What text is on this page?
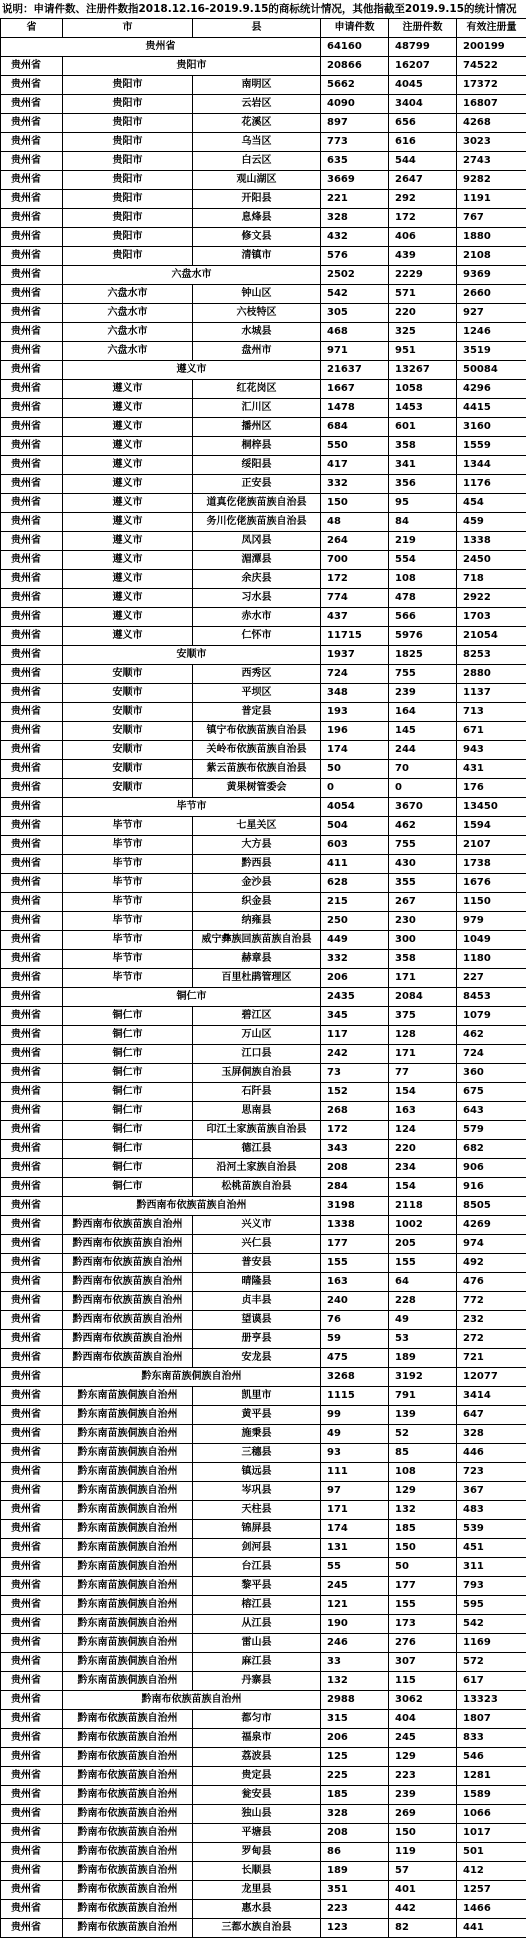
说明：申请件数、注册件数指2018.12.16-2019.9.15的商标统计情况，其他指截至2019.9.15的统计情况
省	市	县	申请件数	注册件数	有效注册量
贵州省			64160	48799	200199
贵州省	贵阳市		20866	16207	74522
贵州省	贵阳市	南明区	5662	4045	17372
贵州省	贵阳市	云岩区	4090	3404	16807
贵州省	贵阳市	花溪区	897	656	4268
贵州省	贵阳市	乌当区	773	616	3023
贵州省	贵阳市	白云区	635	544	2743
贵州省	贵阳市	观山湖区	3669	2647	9282
贵州省	贵阳市	开阳县	221	292	1191
贵州省	贵阳市	息烽县	328	172	767
贵州省	贵阳市	修文县	432	406	1880
贵州省	贵阳市	清镇市	576	439	2108
贵州省	六盘水市		2502	2229	9369
贵州省	六盘水市	钟山区	542	571	2660
贵州省	六盘水市	六枝特区	305	220	927
贵州省	六盘水市	水城县	468	325	1246
贵州省	六盘水市	盘州市	971	951	3519
贵州省	遵义市		21637	13267	50084
贵州省	遵义市	红花岗区	1667	1058	4296
贵州省	遵义市	汇川区	1478	1453	4415
贵州省	遵义市	播州区	684	601	3160
贵州省	遵义市	桐梓县	550	358	1559
贵州省	遵义市	绥阳县	417	341	1344
贵州省	遵义市	正安县	332	356	1176
贵州省	遵义市	道真仡佬族苗族自治县	150	95	454
贵州省	遵义市	务川仡佬族苗族自治县	48	84	459
贵州省	遵义市	凤冈县	264	219	1338
贵州省	遵义市	湄潭县	700	554	2450
贵州省	遵义市	余庆县	172	108	718
贵州省	遵义市	习水县	774	478	2922
贵州省	遵义市	赤水市	437	566	1703
贵州省	遵义市	仁怀市	11715	5976	21054
贵州省	安顺市		1937	1825	8253
贵州省	安顺市	西秀区	724	755	2880
贵州省	安顺市	平坝区	348	239	1137
贵州省	安顺市	普定县	193	164	713
贵州省	安顺市	镇宁布依族苗族自治县	196	145	671
贵州省	安顺市	关岭布依族苗族自治县	174	244	943
贵州省	安顺市	紫云苗族布依族自治县	50	70	431
贵州省	安顺市	黄果树管委会	0	0	176
贵州省	毕节市		4054	3670	13450
贵州省	毕节市	七星关区	504	462	1594
贵州省	毕节市	大方县	603	755	2107
贵州省	毕节市	黔西县	411	430	1738
贵州省	毕节市	金沙县	628	355	1676
贵州省	毕节市	织金县	215	267	1150
贵州省	毕节市	纳雍县	250	230	979
贵州省	毕节市	威宁彝族回族苗族自治县	449	300	1049
贵州省	毕节市	赫章县	332	358	1180
贵州省	毕节市	百里杜鹃管理区	206	171	227
贵州省	铜仁市		2435	2084	8453
贵州省	铜仁市	碧江区	345	375	1079
贵州省	铜仁市	万山区	117	128	462
贵州省	铜仁市	江口县	242	171	724
贵州省	铜仁市	玉屏侗族自治县	73	77	360
贵州省	铜仁市	石阡县	152	154	675
贵州省	铜仁市	思南县	268	163	643
贵州省	铜仁市	印江土家族苗族自治县	172	124	579
贵州省	铜仁市	德江县	343	220	682
贵州省	铜仁市	沿河土家族自治县	208	234	906
贵州省	铜仁市	松桃苗族自治县	284	154	916
贵州省	黔西南布依族苗族自治州		3198	2118	8505
贵州省	黔西南布依族苗族自治州	兴义市	1338	1002	4269
贵州省	黔西南布依族苗族自治州	兴仁县	177	205	974
贵州省	黔西南布依族苗族自治州	普安县	155	155	492
贵州省	黔西南布依族苗族自治州	晴隆县	163	64	476
贵州省	黔西南布依族苗族自治州	贞丰县	240	228	772
贵州省	黔西南布依族苗族自治州	望谟县	76	49	232
贵州省	黔西南布依族苗族自治州	册亨县	59	53	272
贵州省	黔西南布依族苗族自治州	安龙县	475	189	721
贵州省	黔东南苗族侗族自治州		3268	3192	12077
贵州省	黔东南苗族侗族自治州	凯里市	1115	791	3414
贵州省	黔东南苗族侗族自治州	黄平县	99	139	647
贵州省	黔东南苗族侗族自治州	施秉县	49	52	328
贵州省	黔东南苗族侗族自治州	三穗县	93	85	446
贵州省	黔东南苗族侗族自治州	镇远县	111	108	723
贵州省	黔东南苗族侗族自治州	岑巩县	97	129	367
贵州省	黔东南苗族侗族自治州	天柱县	171	132	483
贵州省	黔东南苗族侗族自治州	锦屏县	174	185	539
贵州省	黔东南苗族侗族自治州	剑河县	131	150	451
贵州省	黔东南苗族侗族自治州	台江县	55	50	311
贵州省	黔东南苗族侗族自治州	黎平县	245	177	793
贵州省	黔东南苗族侗族自治州	榕江县	121	155	595
贵州省	黔东南苗族侗族自治州	从江县	190	173	542
贵州省	黔东南苗族侗族自治州	雷山县	246	276	1169
贵州省	黔东南苗族侗族自治州	麻江县	33	307	572
贵州省	黔东南苗族侗族自治州	丹寨县	132	115	617
贵州省	黔南布依族苗族自治州		2988	3062	13323
贵州省	黔南布依族苗族自治州	都匀市	315	404	1807
贵州省	黔南布依族苗族自治州	福泉市	206	245	833
贵州省	黔南布依族苗族自治州	荔波县	125	129	546
贵州省	黔南布依族苗族自治州	贵定县	225	223	1281
贵州省	黔南布依族苗族自治州	瓮安县	185	239	1589
贵州省	黔南布依族苗族自治州	独山县	328	269	1066
贵州省	黔南布依族苗族自治州	平塘县	208	150	1017
贵州省	黔南布依族苗族自治州	罗甸县	86	119	501
贵州省	黔南布依族苗族自治州	长顺县	189	57	412
贵州省	黔南布依族苗族自治州	龙里县	351	401	1257
贵州省	黔南布依族苗族自治州	惠水县	223	442	1466
贵州省	黔南布依族苗族自治州	三都水族自治县	123	82	441
